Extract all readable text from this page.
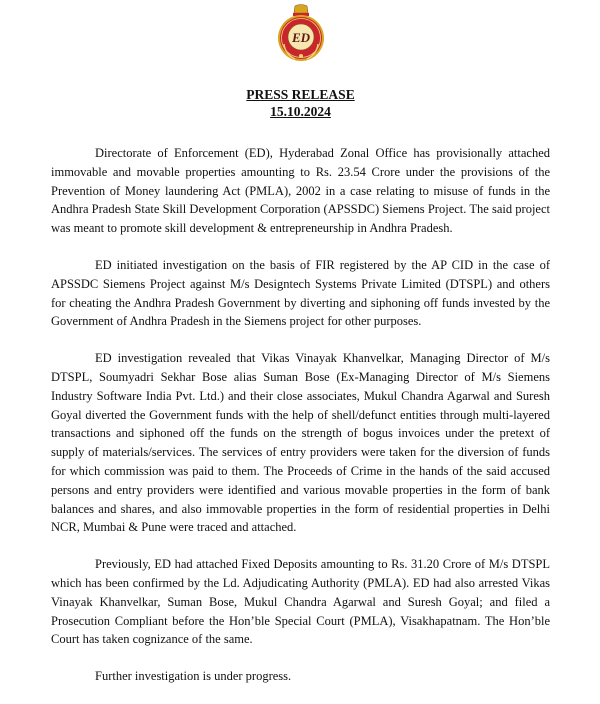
ED
PRESS RELEASE
15.10.2024

Directorate of Enforcement (ED), Hyderabad Zonal Office has provisionally attached immovable and movable properties amounting to Rs. 23.54 Crore under the provisions of the Prevention of Money laundering Act (PMLA), 2002 in a case relating to misuse of funds in the Andhra Pradesh State Skill Development Corporation (APSSDC) Siemens Project. The said project was meant to promote skill development & entrepreneurship in Andhra Pradesh.

ED initiated investigation on the basis of FIR registered by the AP CID in the case of APSSDC Siemens Project against M/s Designtech Systems Private Limited (DTSPL) and others for cheating the Andhra Pradesh Government by diverting and siphoning off funds invested by the Government of Andhra Pradesh in the Siemens project for other purposes.

ED investigation revealed that Vikas Vinayak Khanvelkar, Managing Director of M/s DTSPL, Soumyadri Sekhar Bose alias Suman Bose (Ex-Managing Director of M/s Siemens Industry Software India Pvt. Ltd.) and their close associates, Mukul Chandra Agarwal and Suresh Goyal diverted the Government funds with the help of shell/defunct entities through multi-layered transactions and siphoned off the funds on the strength of bogus invoices under the pretext of supply of materials/services. The services of entry providers were taken for the diversion of funds for which commission was paid to them. The Proceeds of Crime in the hands of the said accused persons and entry providers were identified and various movable properties in the form of bank balances and shares, and also immovable properties in the form of residential properties in Delhi NCR, Mumbai & Pune were traced and attached.

Previously, ED had attached Fixed Deposits amounting to Rs. 31.20 Crore of M/s DTSPL which has been confirmed by the Ld. Adjudicating Authority (PMLA). ED had also arrested Vikas Vinayak Khanvelkar, Suman Bose, Mukul Chandra Agarwal and Suresh Goyal; and filed a Prosecution Compliant before the Hon’ble Special Court (PMLA), Visakhapatnam. The Hon’ble Court has taken cognizance of the same.

Further investigation is under progress.
